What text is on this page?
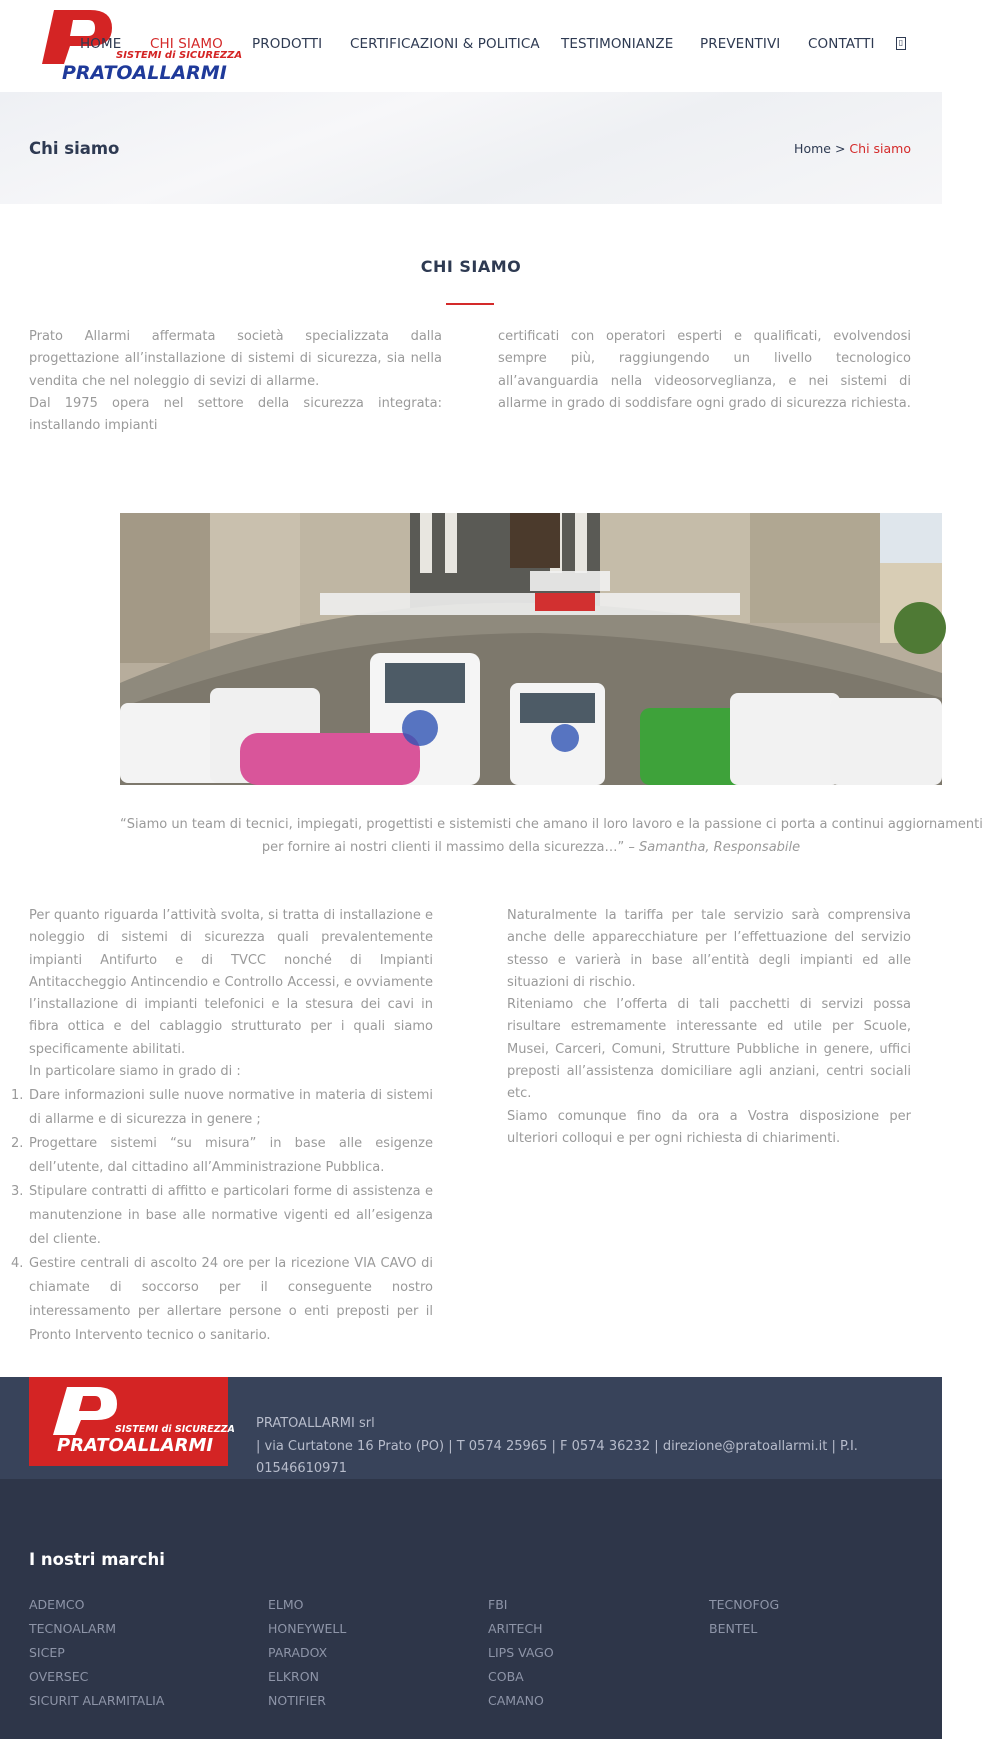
SISTEMI di SICUREZZA
PRATOALLARMI
HOME CHI SIAMO PRODOTTI CERTIFICAZIONI & POLITICA TESTIMONIANZE PREVENTIVI CONTATTI	▯
Chi siamo	Home > Chi siamo
CHI SIAMO

Prato Allarmi affermata società specializzata dalla progettazione all’installazione di sistemi di sicurezza, sia nella vendita che nel noleggio di sevizi di allarme.

Dal 1975 opera nel settore della sicurezza integrata: installando impianti

certificati con operatori esperti e qualificati, evolvendosi sempre più, raggiungendo un livello tecnologico all’avanguardia nella videosorveglianza, e nei sistemi di allarme in grado di soddisfare ogni grado di sicurezza richiesta.

“Siamo un team di tecnici, impiegati, progettisti e sistemisti che amano il loro lavoro e la passione ci porta a continui aggiornamenti
per fornire ai nostri clienti il massimo della sicurezza…” – Samantha, Responsabile

Per quanto riguarda l’attività svolta, si tratta di installazione e noleggio di sistemi di sicurezza quali prevalentemente impianti Antifurto e di TVCC nonché di Impianti Antitaccheggio Antincendio e Controllo Accessi, e ovviamente l’installazione di impianti telefonici e la stesura dei cavi in fibra ottica e del cablaggio strutturato per i quali siamo specificamente abilitati.

In particolare siamo in grado di :

1. Dare informazioni sulle nuove normative in materia di sistemi di allarme e di sicurezza in genere ;
2. Progettare sistemi “su misura” in base alle esigenze dell’utente, dal cittadino all’Amministrazione Pubblica.
3. Stipulare contratti di affitto e particolari forme di assistenza e manutenzione in base alle normative vigenti ed all’esigenza del cliente.
4. Gestire centrali di ascolto 24 ore per la ricezione VIA CAVO di chiamate di soccorso per il conseguente nostro interessamento per allertare persone o enti preposti per il Pronto Intervento tecnico o sanitario.

Naturalmente la tariffa per tale servizio sarà comprensiva anche delle apparecchiature per l’effettuazione del servizio stesso e varierà in base all’entità degli impianti ed alle situazioni di rischio.

Riteniamo che l’offerta di tali pacchetti di servizi possa risultare estremamente interessante ed utile per Scuole, Musei, Carceri, Comuni, Strutture Pubbliche in genere, uffici preposti all’assistenza domiciliare agli anziani, centri sociali etc.

Siamo comunque fino da ora a Vostra disposizione per ulteriori colloqui e per ogni richiesta di chiarimenti.

SISTEMI di SICUREZZA
PRATOALLARMI
PRATOALLARMI srl
| via Curtatone 16 Prato (PO) | T 0574 25965 | F 0574 36232 | direzione@pratoallarmi.it | P.I. 01546610971
I nostri marchi
ADEMCO
TECNOALARM
SICEP
OVERSEC
SICURIT ALARMITALIA
ELMO
HONEYWELL
PARADOX
ELKRON
NOTIFIER
FBI
ARITECH
LIPS VAGO
COBA
CAMANO
TECNOFOG
BENTEL
